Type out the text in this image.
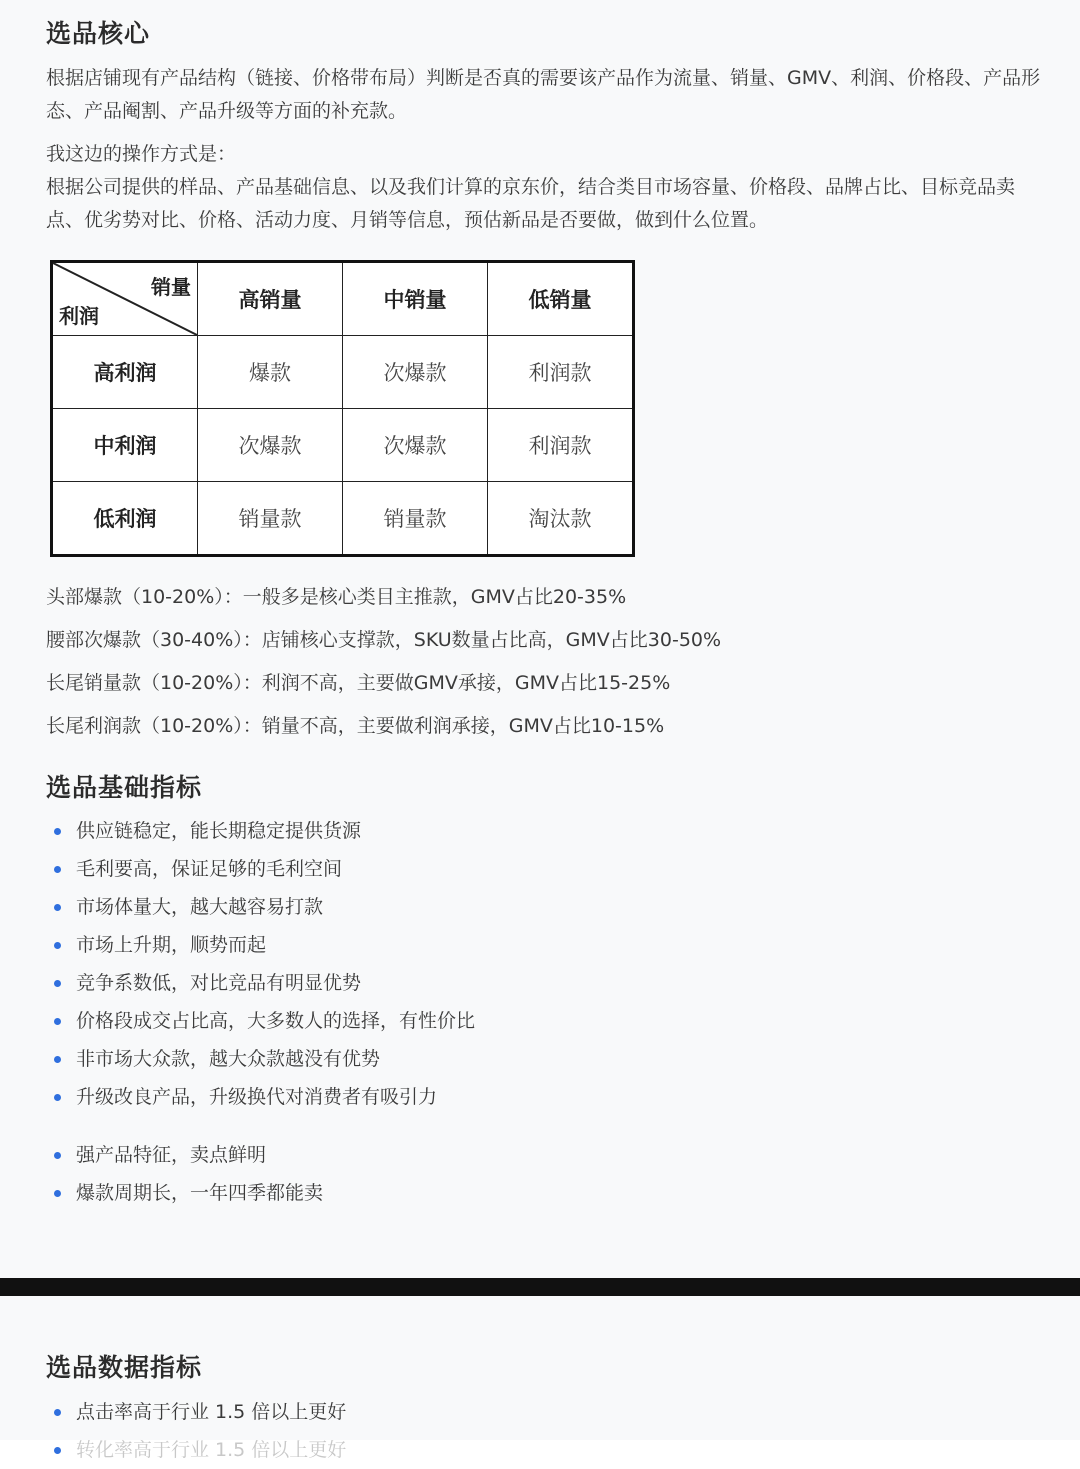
选品核心

根据店铺现有产品结构（链接、价格带布局）判断是否真的需要该产品作为流量、销量、GMV、利润、价格段、产品形态、产品阉割、产品升级等方面的补充款。

我这边的操作方式是：

根据公司提供的样品、产品基础信息、以及我们计算的京东价，结合类目市场容量、价格段、品牌占比、目标竞品卖点、优劣势对比、价格、活动力度、月销等信息，预估新品是否要做，做到什么位置。

销量
利润	高销量	中销量	低销量
高利润	爆款	次爆款	利润款
中利润	次爆款	次爆款	利润款
低利润	销量款	销量款	淘汰款

头部爆款（10-20%）：一般多是核心类目主推款，GMV占比20-35%

腰部次爆款（30-40%）：店铺核心支撑款，SKU数量占比高，GMV占比30-50%

长尾销量款（10-20%）：利润不高，主要做GMV承接，GMV占比15-25%

长尾利润款（10-20%）：销量不高，主要做利润承接，GMV占比10-15%

选品基础指标
供应链稳定，能长期稳定提供货源
毛利要高，保证足够的毛利空间
市场体量大，越大越容易打款
市场上升期，顺势而起
竞争系数低，对比竞品有明显优势
价格段成交占比高，大多数人的选择，有性价比
非市场大众款，越大众款越没有优势
升级改良产品，升级换代对消费者有吸引力
强产品特征，卖点鲜明
爆款周期长，一年四季都能卖
选品数据指标
点击率高于行业 1.5 倍以上更好
转化率高于行业 1.5 倍以上更好
